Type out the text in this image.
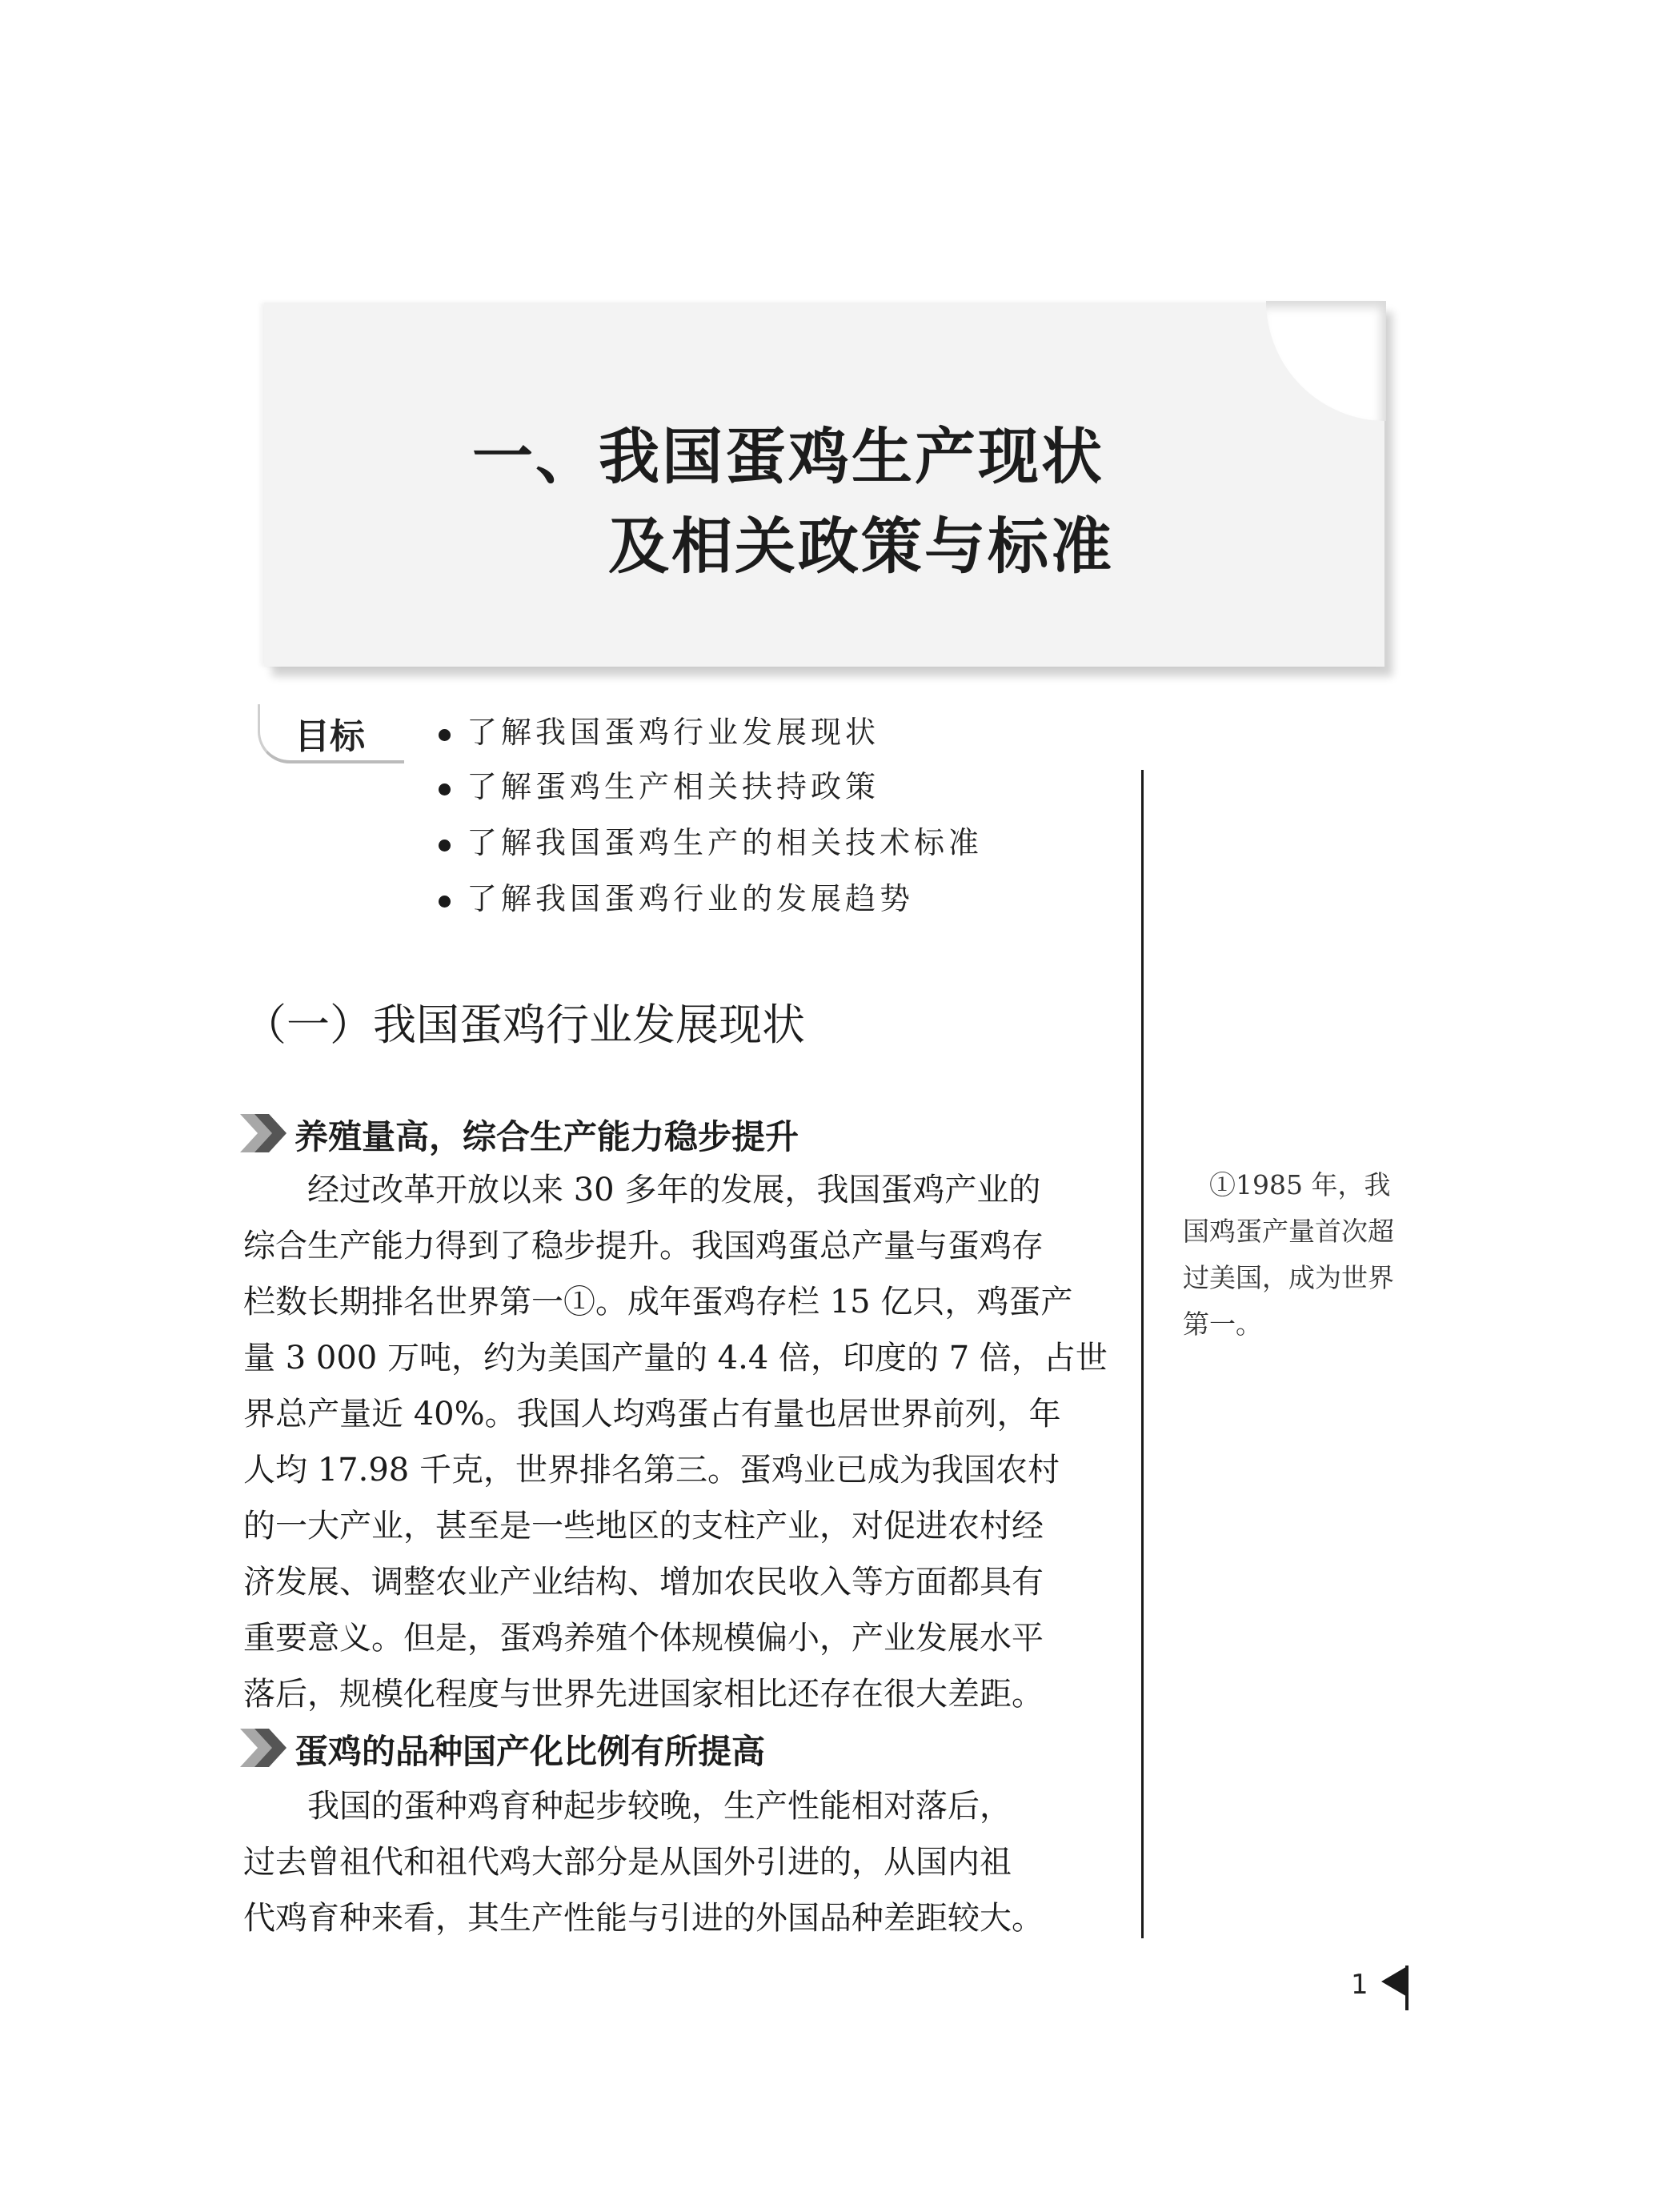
一、我国蛋鸡生产现状
及相关政策与标准
目标	了解我国蛋鸡行业发展现状
了解蛋鸡生产相关扶持政策
了解我国蛋鸡生产的相关技术标准
了解我国蛋鸡行业的发展趋势
（一）我国蛋鸡行业发展现状
养殖量高，综合生产能力稳步提升

　　经过改革开放以来 30 多年的发展，我国蛋鸡产业的

综合生产能力得到了稳步提升。我国鸡蛋总产量与蛋鸡存

栏数长期排名世界第一①。成年蛋鸡存栏 15 亿只，鸡蛋产

量 3 000 万吨，约为美国产量的 4.4 倍，印度的 7 倍，占世

界总产量近 40%。我国人均鸡蛋占有量也居世界前列，年

人均 17.98 千克，世界排名第三。蛋鸡业已成为我国农村

的一大产业，甚至是一些地区的支柱产业，对促进农村经

济发展、调整农业产业结构、增加农民收入等方面都具有

重要意义。但是，蛋鸡养殖个体规模偏小，产业发展水平

落后，规模化程度与世界先进国家相比还存在很大差距。

蛋鸡的品种国产化比例有所提高

　　我国的蛋种鸡育种起步较晚，生产性能相对落后，

过去曾祖代和祖代鸡大部分是从国外引进的，从国内祖

代鸡育种来看，其生产性能与引进的外国品种差距较大。

　①1985 年，我

国鸡蛋产量首次超

过美国，成为世界

第一。

1
